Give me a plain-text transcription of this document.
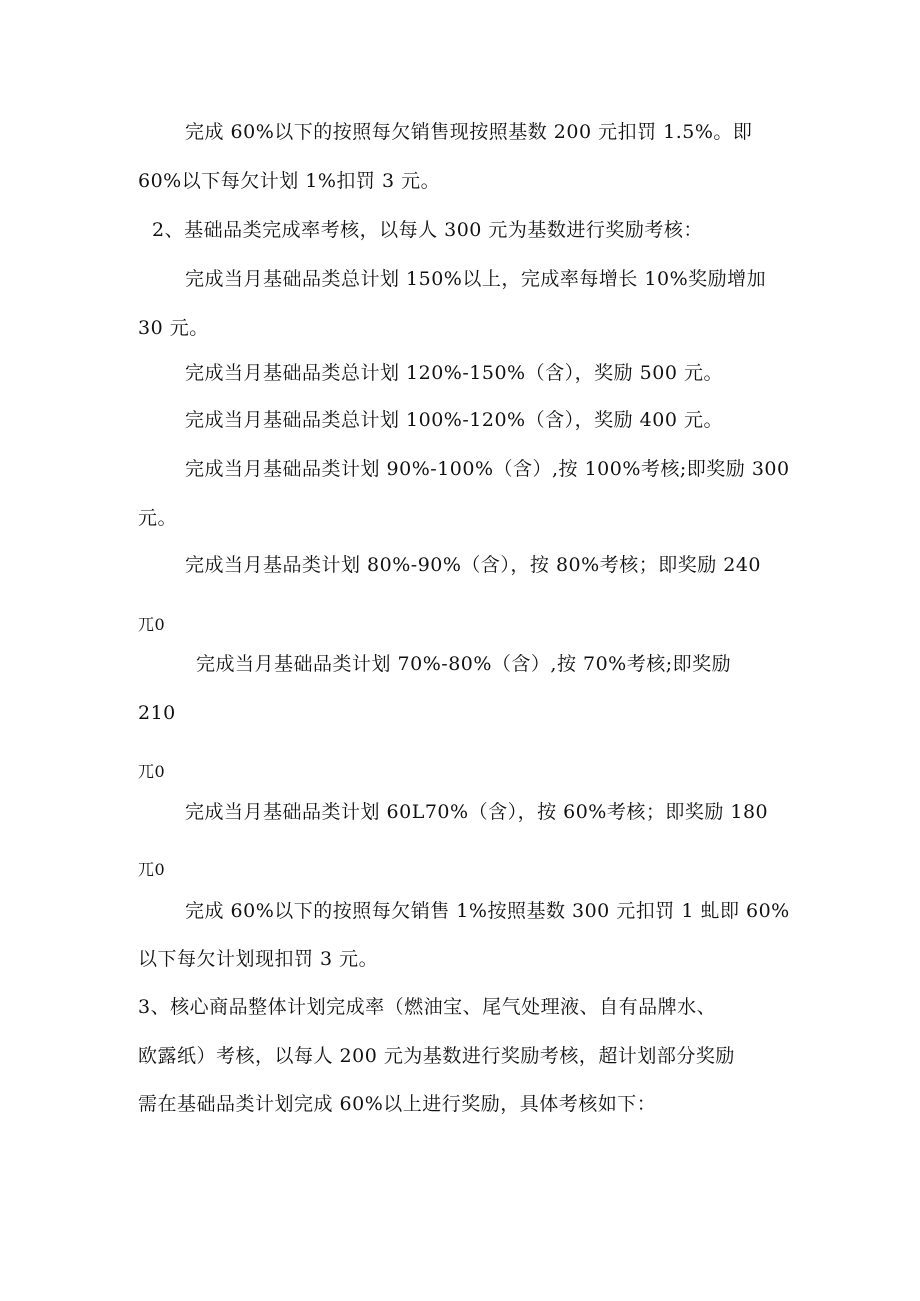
完成 60%以下的按照每欠销售现按照基数 200 元扣罚 1.5%。即
60%以下每欠计划 1%扣罚 3 元。
2、基础品类完成率考核，以每人 300 元为基数进行奖励考核：
完成当月基础品类总计划 150%以上，完成率每增长 10%奖励增加
30 元。
完成当月基础品类总计划 120%-150%（含），奖励 500 元。
完成当月基础品类总计划 100%-120%（含），奖励 400 元。
完成当月基础品类计划 90%-100%（含）,按 100%考核;即奖励 300
元。
完成当月基品类计划 80%-90%（含），按 80%考核；即奖励 240
兀0
完成当月基础品类计划 70%-80%（含）,按 70%考核;即奖励
210
兀0
完成当月基础品类计划 60L70%（含），按 60%考核；即奖励 180
兀0
完成 60%以下的按照每欠销售 1%按照基数 300 元扣罚 1 虬即 60%
以下每欠计划现扣罚 3 元。
3、核心商品整体计划完成率（燃油宝、尾气处理液、自有品牌水、
欧露纸）考核，以每人 200 元为基数进行奖励考核，超计划部分奖励
需在基础品类计划完成 60%以上进行奖励，具体考核如下：
